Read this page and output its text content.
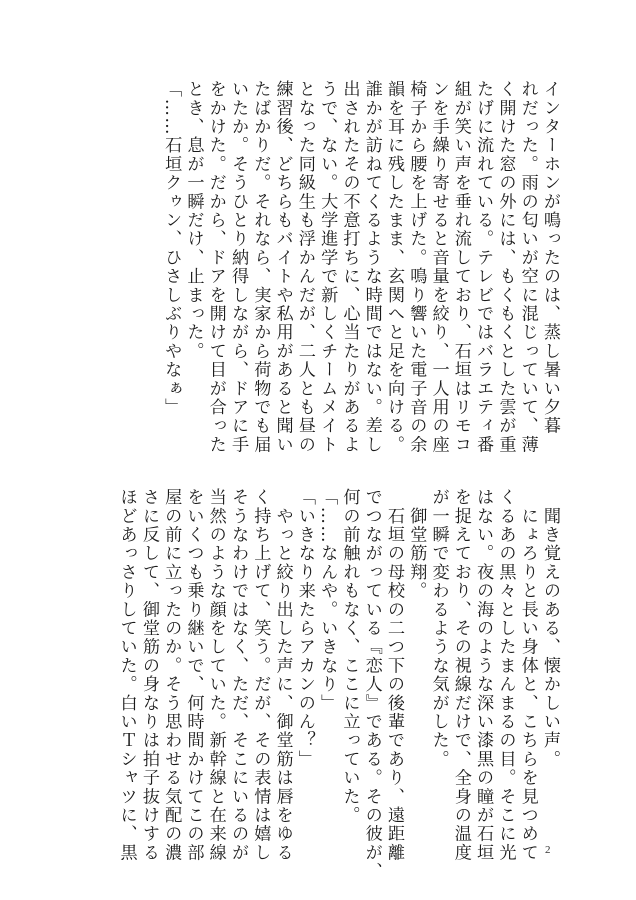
インターホンが鳴ったのは、蒸し暑い夕暮
れだった。雨の匂いが空に混じっていて、薄
く開けた窓の外には、もくもくとした雲が重
たげに流れている。テレビではバラエティ番
組が笑い声を垂れ流しており、石垣はリモコ
ンを手繰り寄せると音量を絞り、一人用の座
椅子から腰を上げた。鳴り響いた電子音の余
韻を耳に残したまま、玄関へと足を向ける。
誰かが訪ねてくるような時間ではない。差し
出されたその不意打ちに、心当たりがあるよ
うで、ない。大学進学で新しくチームメイト
となった同級生も浮かんだが、二人とも昼の
練習後、どちらもバイトや私用があると聞い
たばかりだ。それなら、実家から荷物でも届
いたか。そうひとり納得しながら、ドアに手
をかけた。だから、ドアを開けて目が合った
とき、息が一瞬だけ、止まった。
「……石垣クゥン、ひさしぶりやなぁ」
　聞き覚えのある、懐かしい声。
　にょろりと長い身体と、こちらを見つめて
くるあの黒々としたまんまるの目。そこに光
はない。夜の海のような深い漆黒の瞳が石垣
を捉えており、その視線だけで、全身の温度
が一瞬で変わるような気がした。
　御堂筋翔。
　石垣の母校の二つ下の後輩であり、遠距離
でつながっている『恋人』である。その彼が、
何の前触れもなく、ここに立っていた。
「……なんや。いきなり」
「いきなり来たらアカンのん？」
　やっと絞り出した声に、御堂筋は唇をゆる
く持ち上げて、笑う。だが、その表情は嬉し
そうなわけではなく、ただ、そこにいるのが
当然のような顔をしていた。新幹線と在来線
をいくつも乗り継いで、何時間かけてこの部
屋の前に立ったのか。そう思わせる気配の濃
さに反して、御堂筋の身なりは拍子抜けする
ほどあっさりしていた。白いＴシャツに、黒	2
